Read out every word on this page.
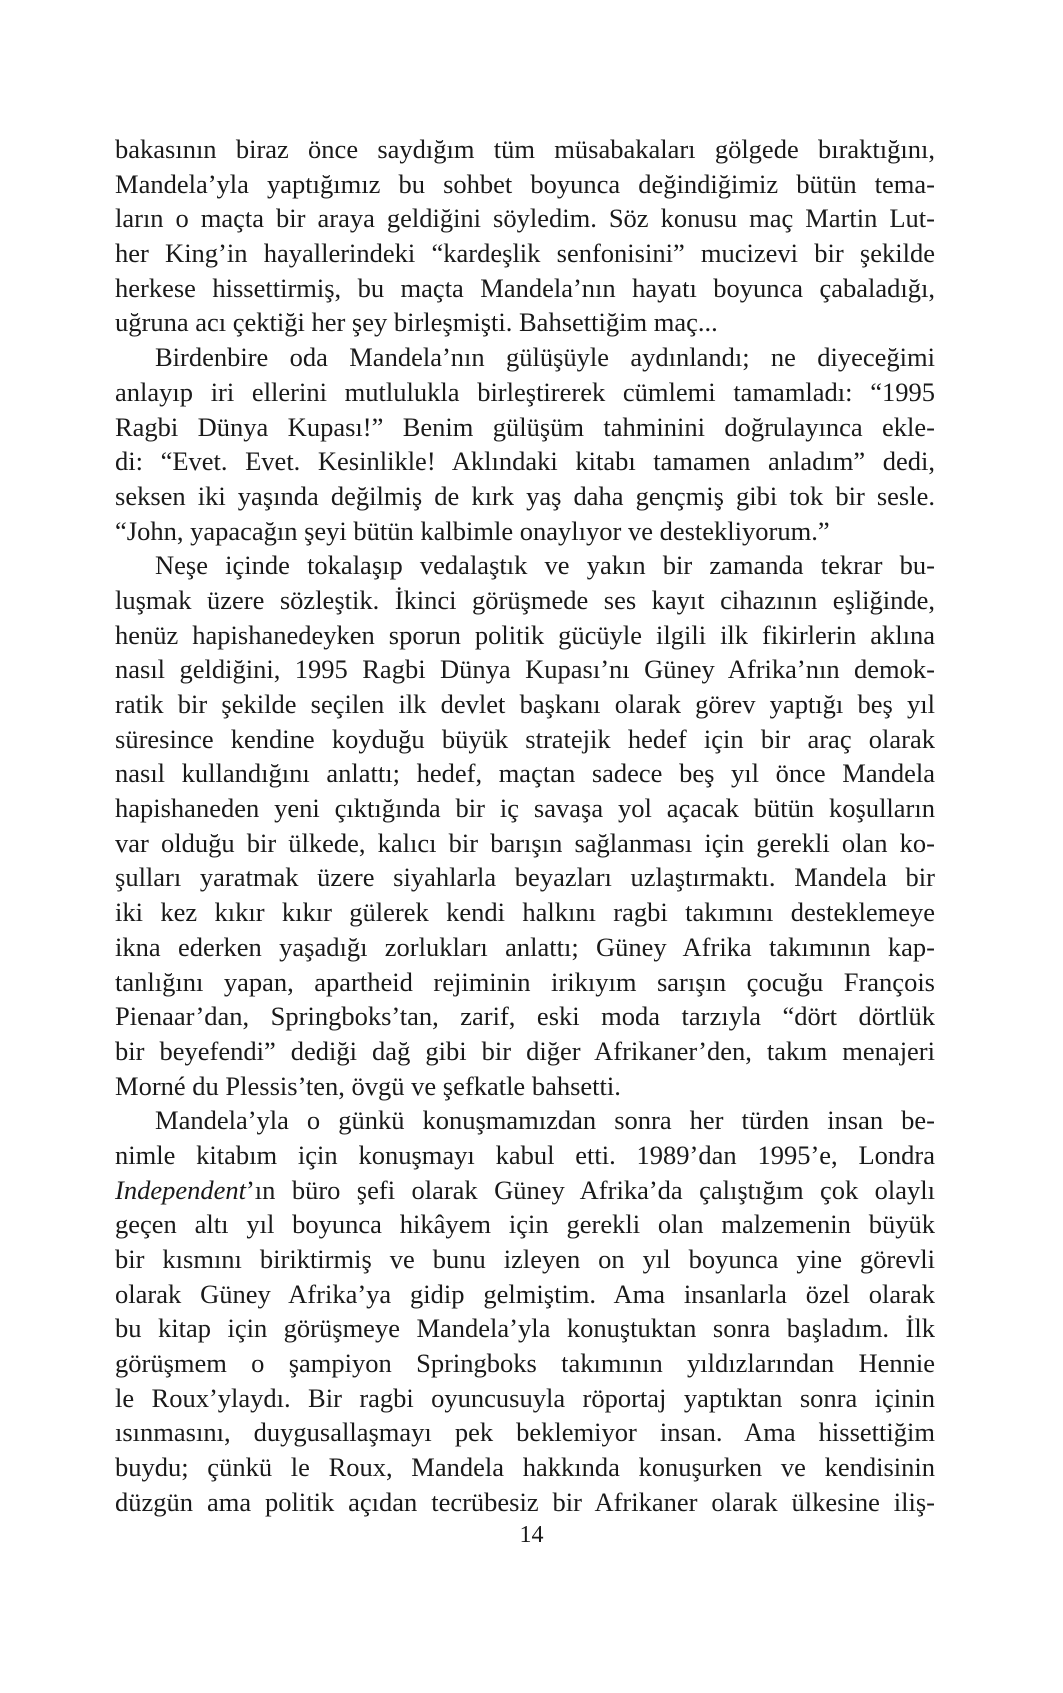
bakasının biraz önce saydığım tüm müsabakaları gölgede bıraktığını,
Mandela’yla yaptığımız bu sohbet boyunca değindiğimiz bütün tema-
ların o maçta bir araya geldiğini söyledim. Söz konusu maç Martin Lut-
her King’in hayallerindeki “kardeşlik senfonisini” mucizevi bir şekilde
herkese hissettirmiş, bu maçta Mandela’nın hayatı boyunca çabaladığı,
uğruna acı çektiği her şey birleşmişti. Bahsettiğim maç...
Birdenbire oda Mandela’nın gülüşüyle aydınlandı; ne diyeceğimi
anlayıp iri ellerini mutlulukla birleştirerek cümlemi tamamladı: “1995
Ragbi Dünya Kupası!” Benim gülüşüm tahminini doğrulayınca ekle-
di: “Evet. Evet. Kesinlikle! Aklındaki kitabı tamamen anladım” dedi,
seksen iki yaşında değilmiş de kırk yaş daha gençmiş gibi tok bir sesle.
“John, yapacağın şeyi bütün kalbimle onaylıyor ve destekliyorum.”
Neşe içinde tokalaşıp vedalaştık ve yakın bir zamanda tekrar bu-
luşmak üzere sözleştik. İkinci görüşmede ses kayıt cihazının eşliğinde,
henüz hapishanedeyken sporun politik gücüyle ilgili ilk fikirlerin aklına
nasıl geldiğini, 1995 Ragbi Dünya Kupası’nı Güney Afrika’nın demok-
ratik bir şekilde seçilen ilk devlet başkanı olarak görev yaptığı beş yıl
süresince kendine koyduğu büyük stratejik hedef için bir araç olarak
nasıl kullandığını anlattı; hedef, maçtan sadece beş yıl önce Mandela
hapishaneden yeni çıktığında bir iç savaşa yol açacak bütün koşulların
var olduğu bir ülkede, kalıcı bir barışın sağlanması için gerekli olan ko-
şulları yaratmak üzere siyahlarla beyazları uzlaştırmaktı. Mandela bir
iki kez kıkır kıkır gülerek kendi halkını ragbi takımını desteklemeye
ikna ederken yaşadığı zorlukları anlattı; Güney Afrika takımının kap-
tanlığını yapan, apartheid rejiminin irikıyım sarışın çocuğu François
Pienaar’dan, Springboks’tan, zarif, eski moda tarzıyla “dört dörtlük
bir beyefendi” dediği dağ gibi bir diğer Afrikaner’den, takım menajeri
Morné du Plessis’ten, övgü ve şefkatle bahsetti.
Mandela’yla o günkü konuşmamızdan sonra her türden insan be-
nimle kitabım için konuşmayı kabul etti. 1989’dan 1995’e, Londra
Independent’ın büro şefi olarak Güney Afrika’da çalıştığım çok olaylı
geçen altı yıl boyunca hikâyem için gerekli olan malzemenin büyük
bir kısmını biriktirmiş ve bunu izleyen on yıl boyunca yine görevli
olarak Güney Afrika’ya gidip gelmiştim. Ama insanlarla özel olarak
bu kitap için görüşmeye Mandela’yla konuştuktan sonra başladım. İlk
görüşmem o şampiyon Springboks takımının yıldızlarından Hennie
le Roux’ylaydı. Bir ragbi oyuncusuyla röportaj yaptıktan sonra içinin
ısınmasını, duygusallaşmayı pek beklemiyor insan. Ama hissettiğim
buydu; çünkü le Roux, Mandela hakkında konuşurken ve kendisinin
düzgün ama politik açıdan tecrübesiz bir Afrikaner olarak ülkesine iliş-
14
